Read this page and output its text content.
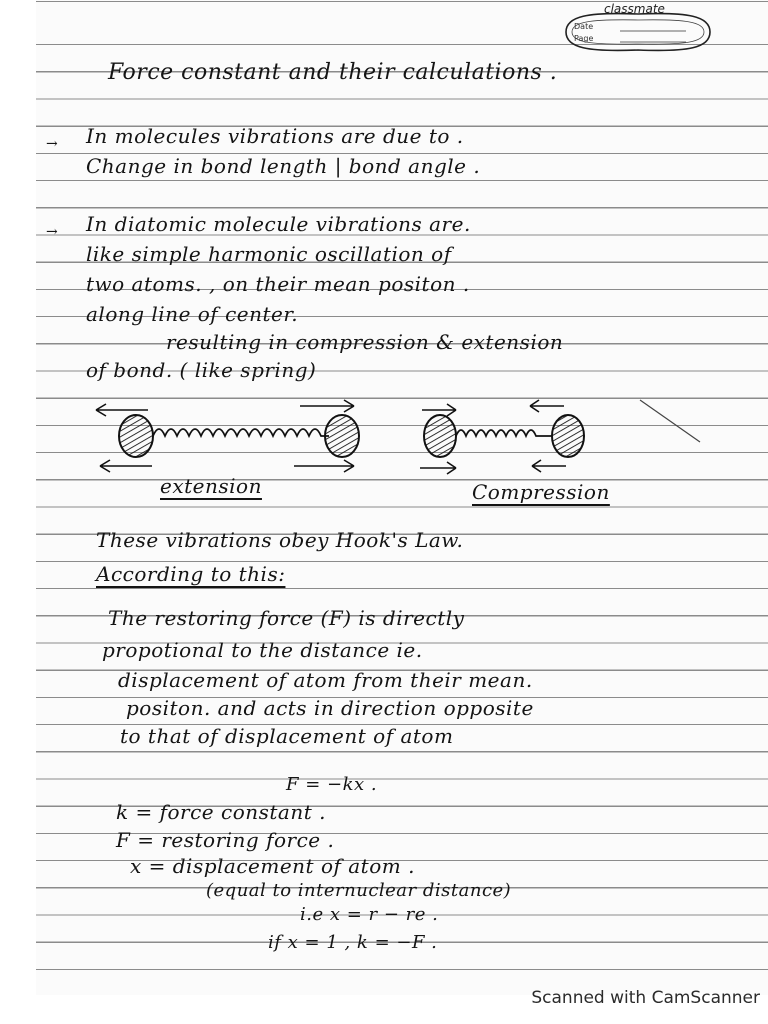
classmate
Date
Page
Force constant and their calculations .
→ In molecules vibrations are due to .
Change in bond length | bond angle .
→ In diatomic molecule vibrations are.
like simple harmonic oscillation of
two atoms. , on their mean positon .
along line of center.
resulting in compression & extension
of bond. ( like spring)
extension	Compression
These vibrations obey Hook's Law.
According to this:
The restoring force (F) is directly
propotional to the distance ie.
displacement of atom from their mean.
positon. and acts in direction opposite
to that of displacement of atom
F = −kx .
k = force constant .
F = restoring force .
x = displacement of atom .
(equal to internuclear distance)
i.e x = r − re .
if x = 1 , k = −F .
Scanned with CamScanner
